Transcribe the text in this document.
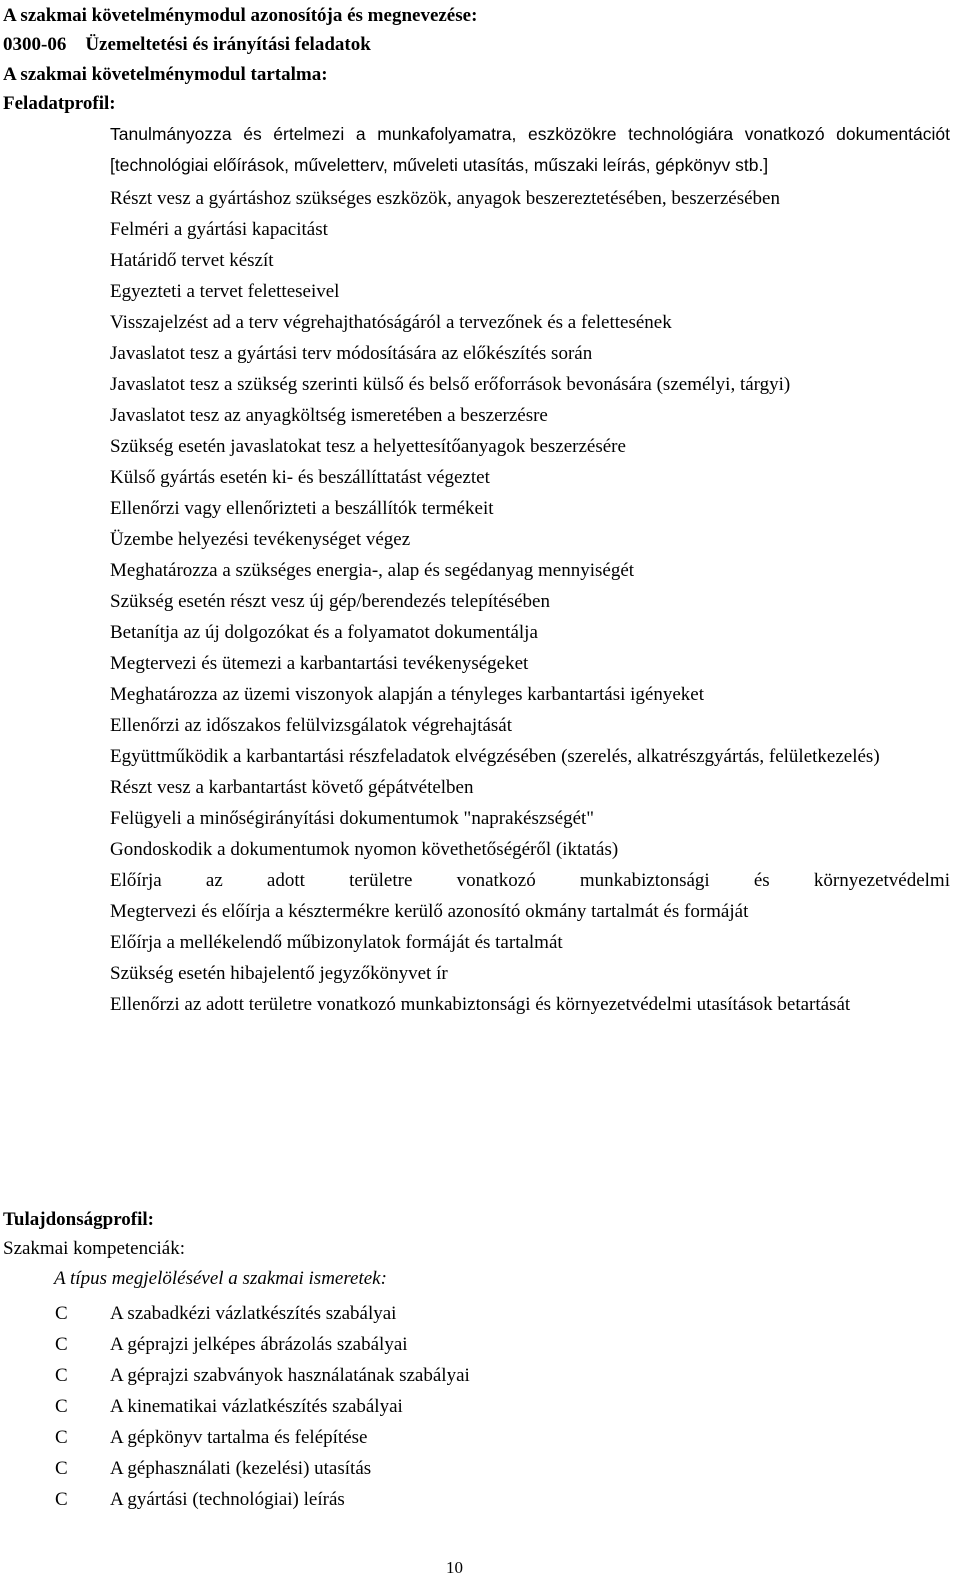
A szakmai követelménymodul azonosítója és megnevezése:
0300-06    Üzemeltetési és irányítási feladatok
A szakmai követelménymodul tartalma:
Feladatprofil:
Tanulmányozza és értelmezi a munkafolyamatra, eszközökre technológiára vonatkozó dokumentációt [technológiai előírások, műveletterv, műveleti utasítás, műszaki leírás, gépkönyv stb.]
Részt vesz a gyártáshoz szükséges eszközök, anyagok beszereztetésében, beszerzésében
Felméri a gyártási kapacitást
Határidő tervet készít
Egyezteti a tervet feletteseivel
Visszajelzést ad a terv végrehajthatóságáról a tervezőnek és a felettesének
Javaslatot tesz a gyártási terv módosítására az előkészítés során
Javaslatot tesz a szükség szerinti külső és belső erőforrások bevonására (személyi, tárgyi)
Javaslatot tesz az anyagköltség ismeretében a beszerzésre
Szükség esetén javaslatokat tesz a helyettesítőanyagok beszerzésére
Külső gyártás esetén ki- és beszállíttatást végeztet
Ellenőrzi vagy ellenőrizteti a beszállítók termékeit
Üzembe helyezési tevékenységet végez
Meghatározza a szükséges energia-, alap és segédanyag mennyiségét
Szükség esetén részt vesz új gép/berendezés telepítésében
Betanítja az új dolgozókat és a folyamatot dokumentálja
Megtervezi és ütemezi a karbantartási tevékenységeket
Meghatározza az üzemi viszonyok alapján a tényleges karbantartási igényeket
Ellenőrzi az időszakos felülvizsgálatok végrehajtását
Együttműködik a karbantartási részfeladatok elvégzésében (szerelés, alkatrészgyártás, felületkezelés)
Részt vesz a karbantartást követő gépátvételben
Felügyeli a minőségirányítási dokumentumok "naprakészségét"
Gondoskodik a dokumentumok nyomon követhetőségéről (iktatás)
Előírja az adott területre vonatkozó munkabiztonsági és környezetvédelmi
Megtervezi és előírja a késztermékre kerülő azonosító okmány tartalmát és formáját
Előírja a mellékelendő műbizonylatok formáját és tartalmát
Szükség esetén hibajelentő jegyzőkönyvet ír
Ellenőrzi az adott területre vonatkozó munkabiztonsági és környezetvédelmi utasítások betartását
Tulajdonságprofil:
Szakmai kompetenciák:
A típus megjelölésével a szakmai ismeretek:
C A szabadkézi vázlatkészítés szabályai
C A géprajzi jelképes ábrázolás szabályai
C A géprajzi szabványok használatának szabályai
C A kinematikai vázlatkészítés szabályai
C A gépkönyv tartalma és felépítése
C A géphasználati (kezelési) utasítás
C A gyártási (technológiai) leírás
10
